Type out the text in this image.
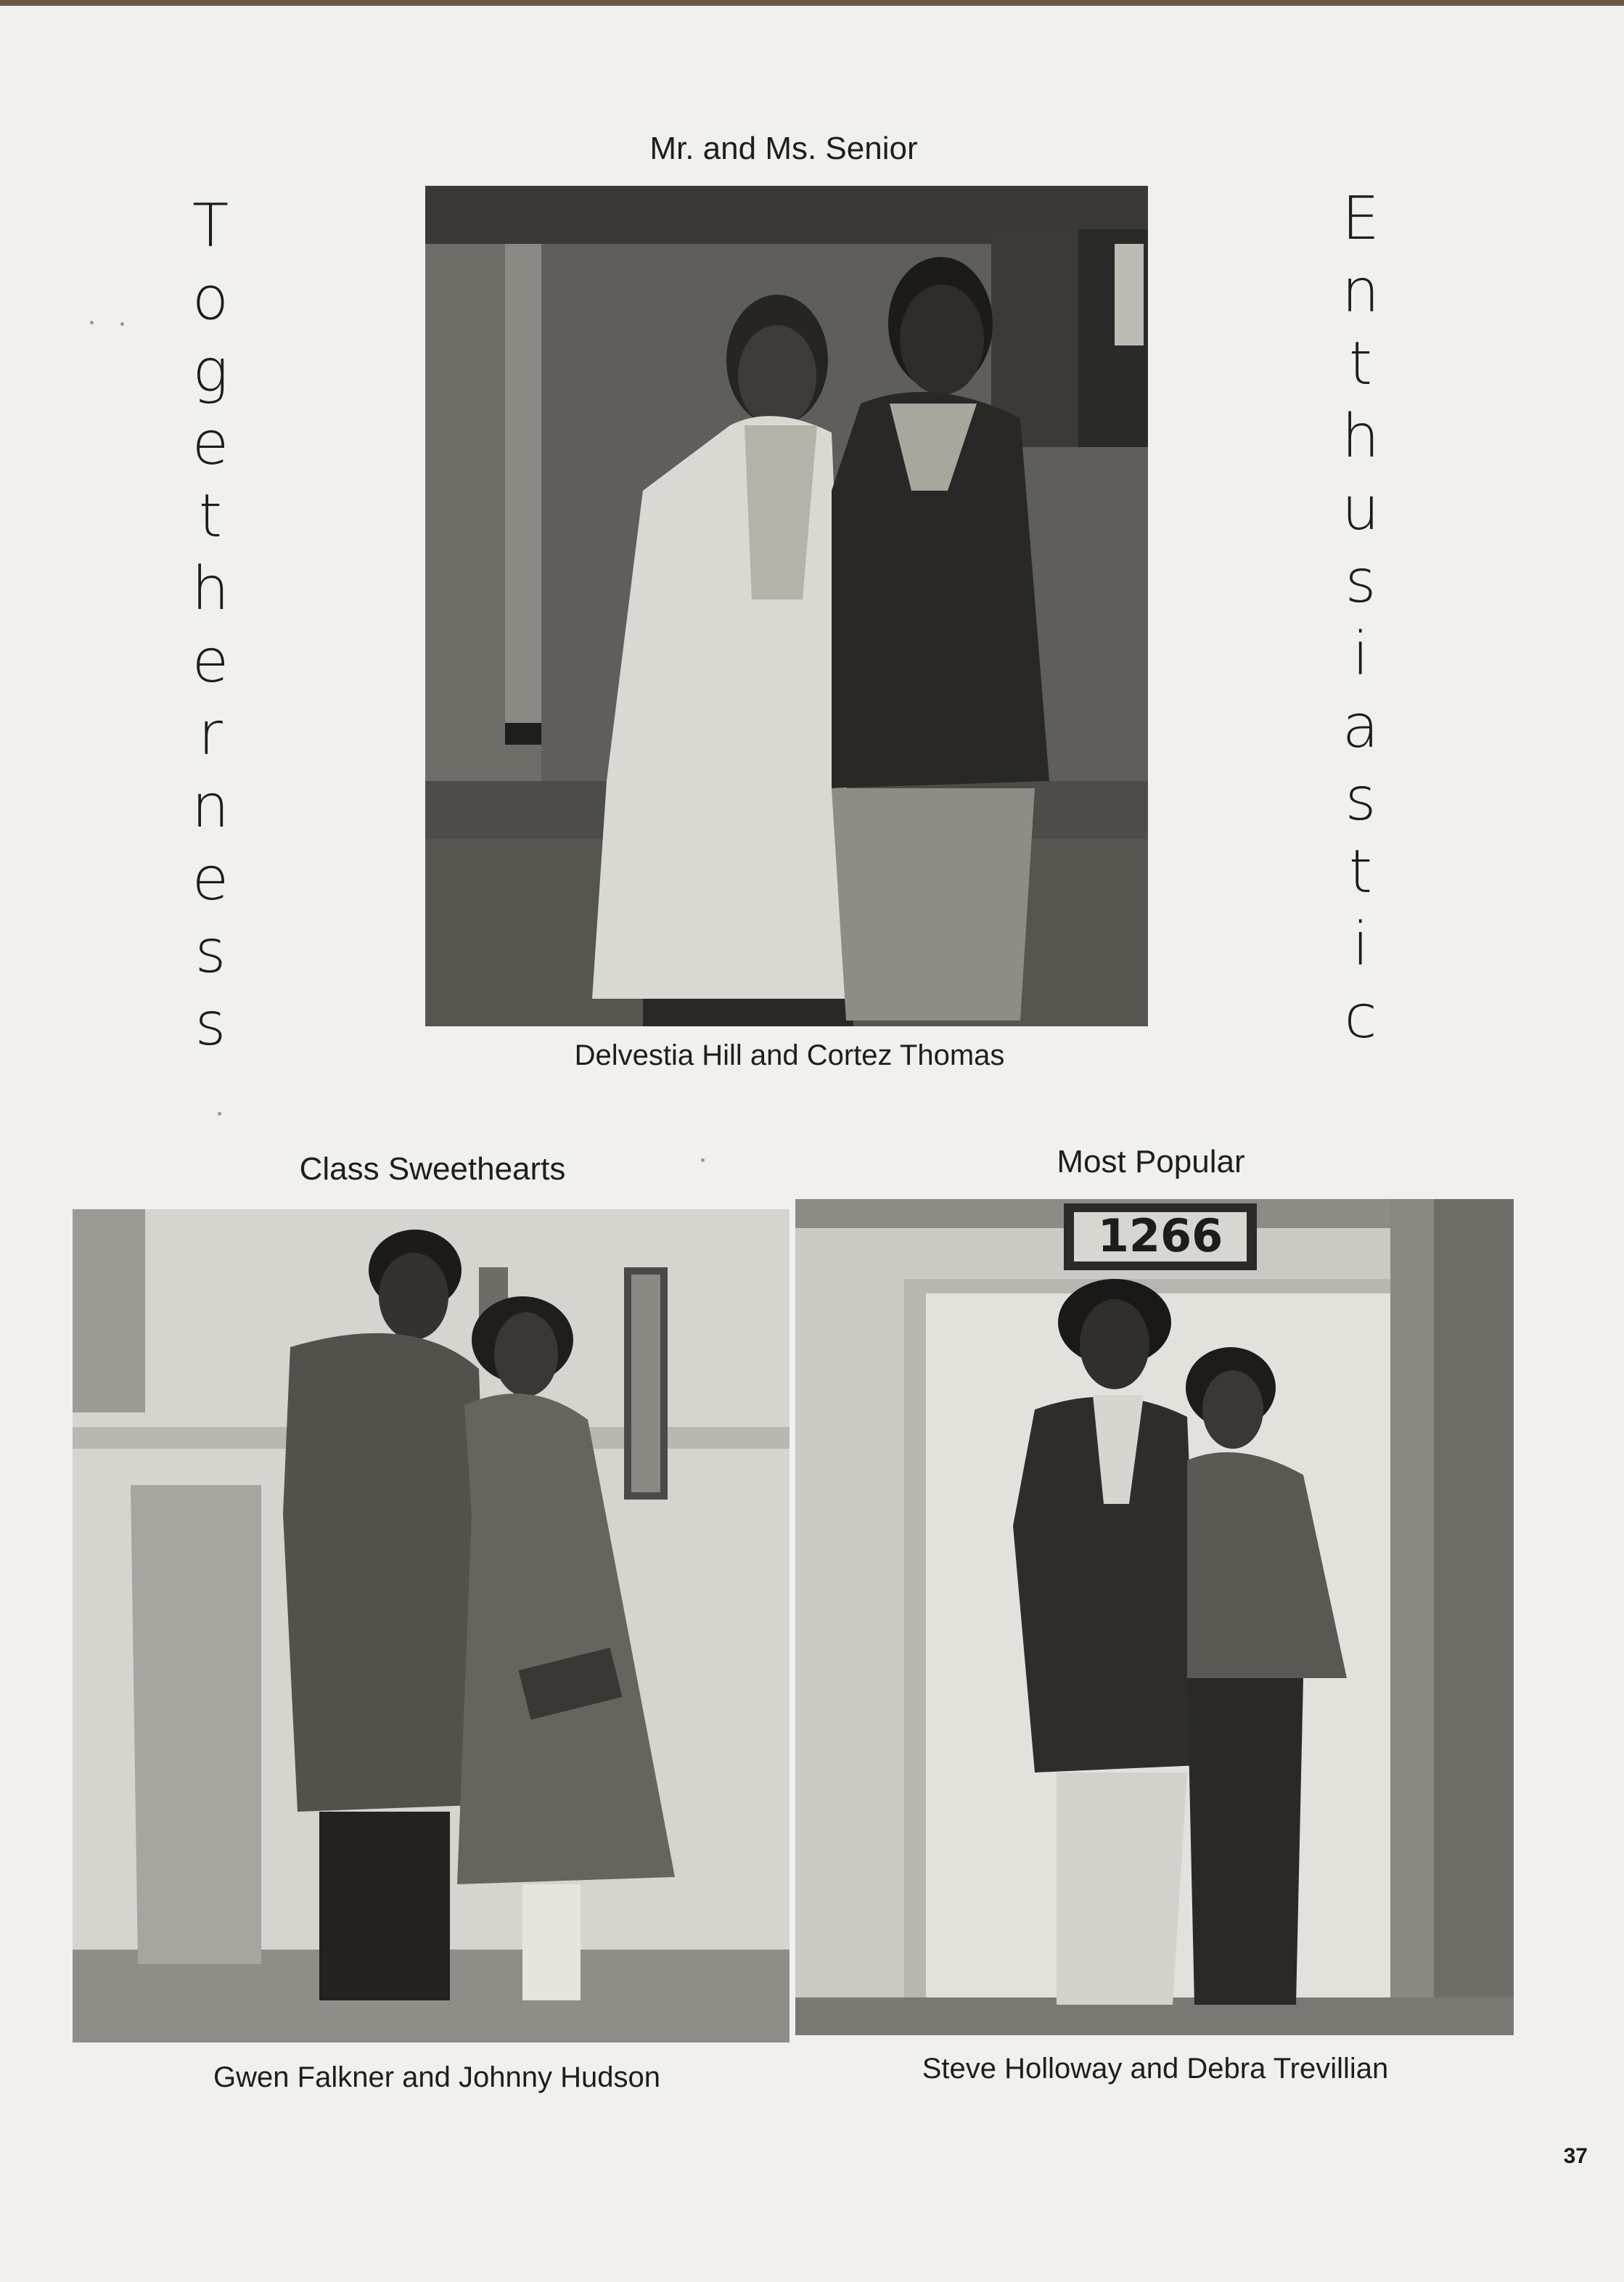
T
o
g
e
t
h
e
r
n
e
s
s
E
n
t
h
u
s
i
a
s
t
i
c
Mr. and Ms. Senior
Delvestia Hill and Cortez Thomas
Class Sweethearts
Gwen Falkner and Johnny Hudson
Most Popular
1266
Steve Holloway and Debra Trevillian
37
